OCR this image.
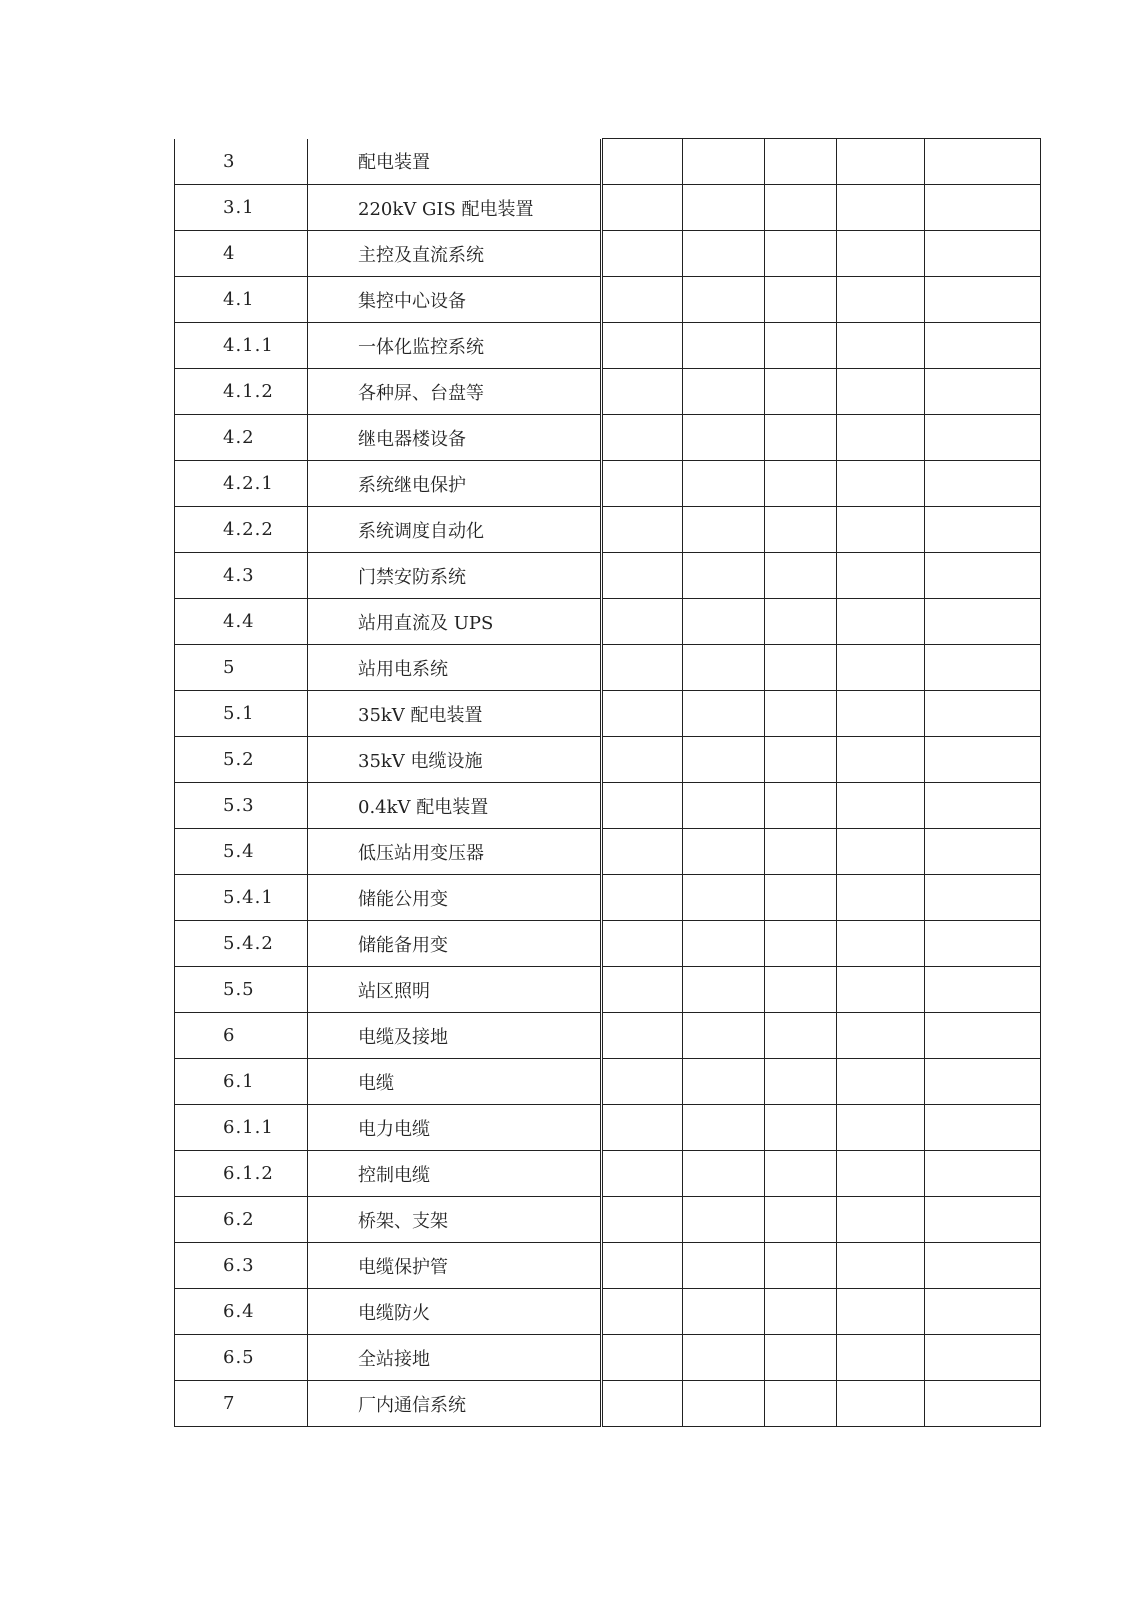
3	配电装置						
3.1	220kV GIS 配电装置						
4	主控及直流系统						
4.1	集控中心设备						
4.1.1	一体化监控系统						
4.1.2	各种屏、台盘等						
4.2	继电器楼设备						
4.2.1	系统继电保护						
4.2.2	系统调度自动化						
4.3	门禁安防系统						
4.4	站用直流及 UPS						
5	站用电系统						
5.1	35kV 配电装置						
5.2	35kV 电缆设施						
5.3	0.4kV 配电装置						
5.4	低压站用变压器						
5.4.1	储能公用变						
5.4.2	储能备用变						
5.5	站区照明						
6	电缆及接地						
6.1	电缆						
6.1.1	电力电缆						
6.1.2	控制电缆						
6.2	桥架、支架						
6.3	电缆保护管						
6.4	电缆防火						
6.5	全站接地						
7	厂内通信系统						
